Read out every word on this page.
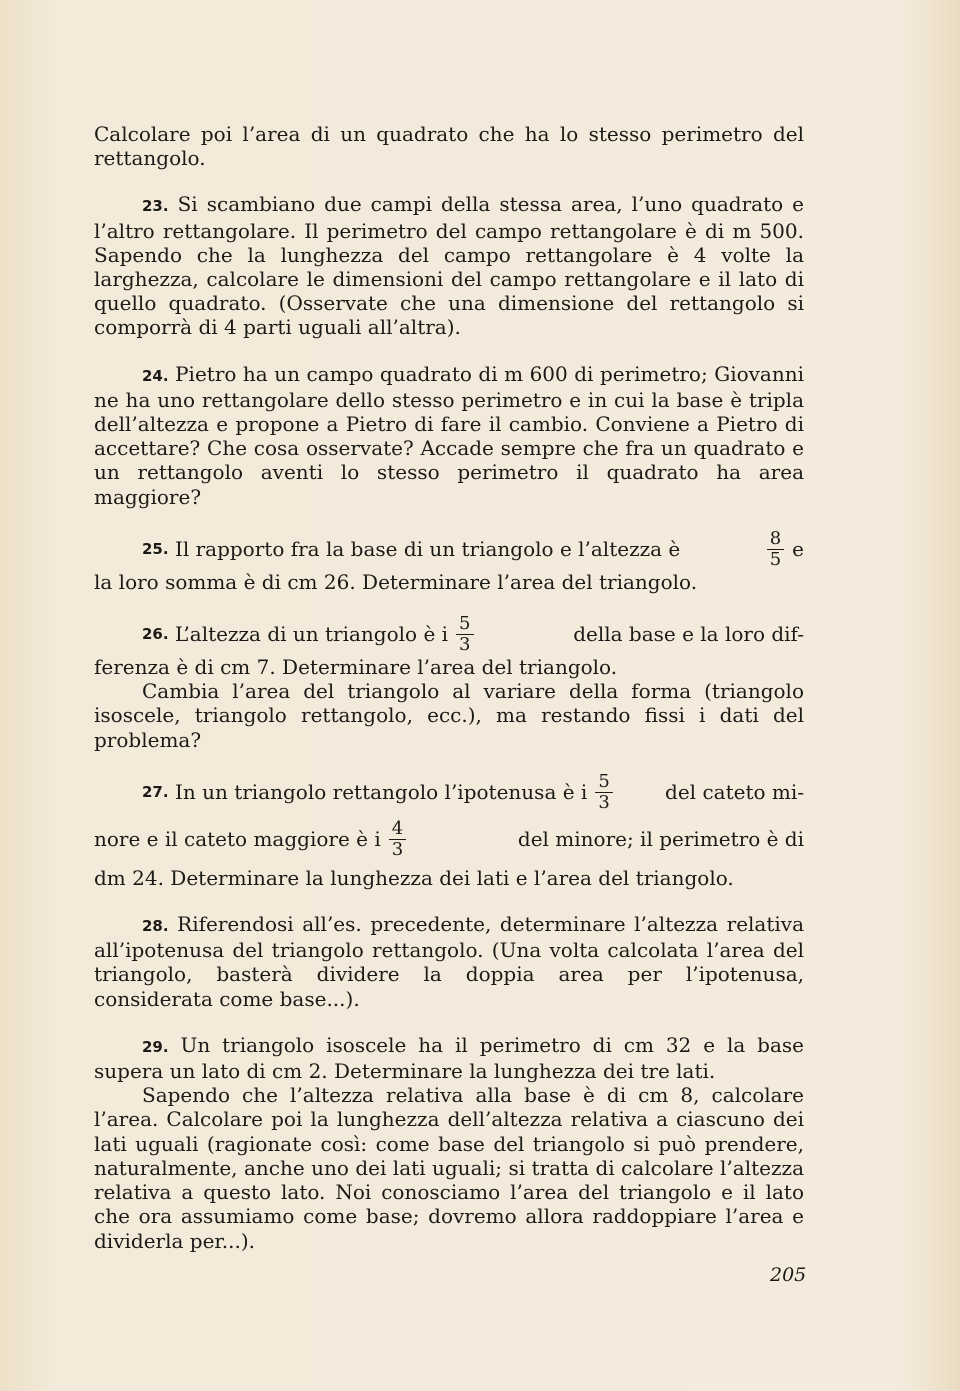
Calcolare poi l’area di un quadrato che ha lo stesso perimetro del rettangolo.

23. Si scambiano due campi della stessa area, l’uno quadrato e l’altro rettangolare. Il perimetro del campo rettangolare è di m 500. Sapendo che la lunghezza del campo rettangolare è 4 volte la larghezza, calcolare le dimensioni del campo rettangolare e il lato di quello quadrato. (Osservate che una dimensione del rettangolo si comporrà di 4 parti uguali all’altra).

24. Pietro ha un campo quadrato di m 600 di perimetro; Giovanni ne ha uno rettangolare dello stesso perimetro e in cui la base è tripla dell’altezza e propone a Pietro di fare il cambio. Conviene a Pietro di accettare? Che cosa osservate? Accade sempre che fra un quadrato e un rettangolo aventi lo stesso perimetro il quadrato ha area maggiore?

25.
Il rapporto fra la base di un triangolo e l’altezza è	$\frac{8}{5}$ e
la loro somma è di cm 26. Determinare l’area del triangolo.
26.
L’altezza di un triangolo è i $\frac{5}{3}$	della base e la loro dif-
ferenza è di cm 7. Determinare l’area del triangolo.

Cambia l’area del triangolo al variare della forma (triangolo isoscele, triangolo rettangolo, ecc.), ma restando fissi i dati del problema?

27.
In un triangolo rettangolo l’ipotenusa è i $\frac{5}{3}$	del cateto mi-
nore e il cateto maggiore è i $\frac{4}{3}$	del minore; il perimetro è di
dm 24. Determinare la lunghezza dei lati e l’area del triangolo.

28. Riferendosi all’es. precedente, determinare l’altezza relativa all’ipotenusa del triangolo rettangolo. (Una volta calcolata l’area del triangolo, basterà dividere la doppia area per l’ipotenusa, considerata come base...).

29. Un triangolo isoscele ha il perimetro di cm 32 e la base supera un lato di cm 2. Determinare la lunghezza dei tre lati.

Sapendo che l’altezza relativa alla base è di cm 8, calcolare l’area. Calcolare poi la lunghezza dell’altezza relativa a ciascuno dei lati uguali (ragionate così: come base del triangolo si può prendere, naturalmente, anche uno dei lati uguali; si tratta di calcolare l’altezza relativa a questo lato. Noi conosciamo l’area del triangolo e il lato che ora assumiamo come base; dovremo allora raddoppiare l’area e dividerla per...).

205
